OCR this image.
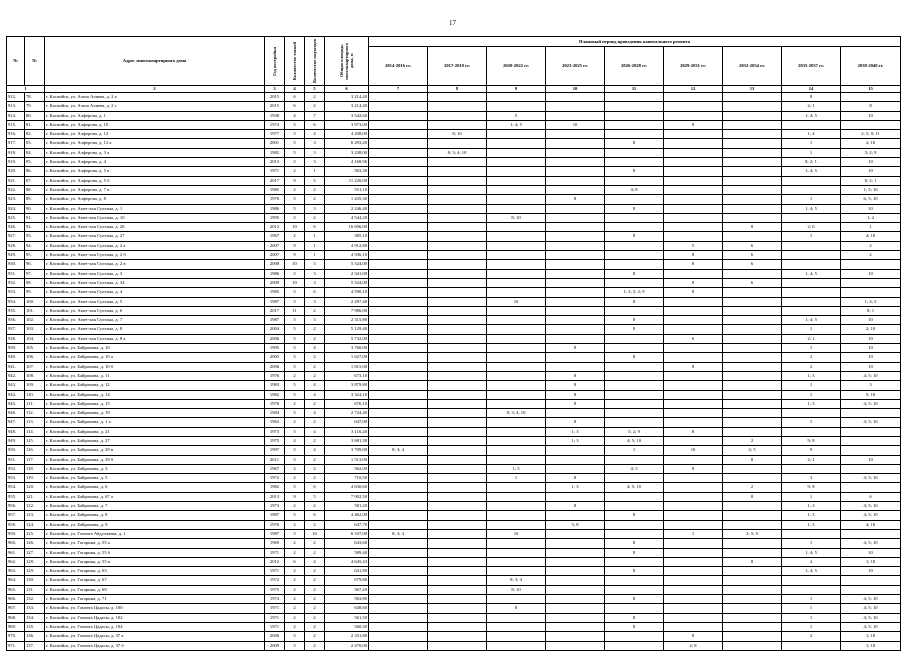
17
№	№	Адрес многоквартирного дома	Год постройки	Количество этажей	Количество подъездов	Общая площадь многоквартирного дома, м	Плановый период проведения капитального ремонта								
							2014-2016 гг.	2017-2019 гг.	2020-2022 гг.	2023-2025 гг.	2026-2028 гг.	2029-2031 гг.	2032-2034 гг.	2035-2037 гг.	2038-2040 гг.
1		2	3	4	5	6	7	8	9	10	11	12	13	14	15
912.	78.	г. Каспийск, ул. Азиза Алиева, д. 2 а	2015	6	2	3 214,40								8	
913.	79.	г. Каспийск, ул. Азиза Алиева, д. 2 г	2015	6	2	3 214,40								2; 1	8
914.	80.	г. Каспийск, ул. Алферова, д. 1	1938	4	7	3 542,60			5					1; 4; 5	10
915.	81.	г. Каспийск, ул. Алферова, д. 10	1974	5	6	3 973,00			1; 4; 5	10		8			
916.	82.	г. Каспийск, ул. Алферова, д. 12	1977	5	4	4 208,00		8; 10						1; 4	2; 5; 9; 11
917.	83.	г. Каспийск, ул. Алферова, д. 12 а	2001	5	3	6 293,20					8			1	2; 10
918.	84.	г. Каспийск, ул. Алферова, д. 3 а	1982	5	3	3 238,00		8; 3; 4; 10						1	5; 2; 9
919.	85.	г. Каспийск, ул. Алферова, д. 4	2013	5	3	4 168,96								8; 2; 1	10
920.	86.	г. Каспийск, ул. Алферова, д. 5 в	1971	2	1	563,30					8			1; 4; 5	10
921.	87.	г. Каспийск, ул. Алферова, д. 5 б	2017	9	5	11 220,00									8; 2; 1
922.	88.	г. Каспийск, ул. Алферова, д. 7 в	1985	2	2	551,10					4; 8				1; 5; 10
923.	89.	г. Каспийск, ул. Алферова, д. 8	1976	5	2	1 435,30				8				1	6; 5; 10
924.	90.	г. Каспийск, ул. Амет-хан Султана, д. 1	1986	5	3	2 246,40					8			1; 4; 5	10
925.	91.	г. Каспийск, ул. Амет-хан Султана, д. 10	1995	5	2	4 544,20			8; 10						1; 2
926.	92.	г. Каспийск, ул. Амет-хан Султана, д. 26	2012	10	6	16 696,00							8	2; 6	1
927.	93.	г. Каспийск, ул. Амет-хан Султана, д. 27	1967	2	1	385,10					8			1	4; 10
928.	94.	г. Каспийск, ул. Амет-хан Султана, д. 2 а	2007	9	1	4 912,80						5	6		2
929.	95.	г. Каспийск, ул. Амет-хан Султана, д. 2 б	2007	9	1	4 936,10						8	6		2
930.	96.	г. Каспийск, ул. Амет-хан Султана, д. 2 в	2008	10	3	5 524,00						8	6		
931.	97.	г. Каспийск, ул. Амет-хан Султана, д. 3	1986	5	3	2 341,00					8			1; 4; 5	10
932.	98.	г. Каспийск, ул. Амет-хан Султана, д. 34	2009	10	3	5 524,00						8	6		
933.	99.	г. Каспийск, ул. Амет-хан Султана, д. 4	1985	5	6	4 590,10					1; 3; 5; 2; 9	8			
934.	100.	г. Каспийск, ул. Амет-хан Султана, д. 5	1987	5	3	2 297,40			10		8				1; 4; 5
935.	101.	г. Каспийск, ул. Амет-хан Султана, д. 6	2017	11	2	7 986,00									8; 1
936.	102.	г. Каспийск, ул. Амет-хан Султана, д. 7	1987	5	3	2 315,80					8			1; 4; 5	10
937.	103.	г. Каспийск, ул. Амет-хан Султана, д. 8	2004	5	2	5 129,40					8			1	2; 10
938.	104.	г. Каспийск, ул. Амет-хан Султана, д. 8 а	2006	5	2	5 732,00						6		2; 1	10
939.	105.	г. Каспийск, ул. Байрамова, д. 10	1995	5	4	3 760,00				8				1	10
940.	106.	г. Каспийск, ул. Байрамова, д. 10 а	2005	5	2	1 627,00					8			2	10
941.	107.	г. Каспийск, ул. Байрамова, д. 10 б	2006	5	2	1 815,00						8		2	10
942.	108.	г. Каспийск, ул. Байрамова, д. 11	1976	2	2	673,10				8				1; 3	4; 5; 10
943.	109.	г. Каспийск, ул. Байрамова, д. 12	1983	5	4	3 879,80				8				1	3
944.	110.	г. Каспийск, ул. Байрамова, д. 14	1982	5	4	3 324,10				8				1	5; 10
945.	111.	г. Каспийск, ул. Байрамова, д. 15	1976	2	2	676,10				8				1; 3	4; 5; 10
946.	112.	г. Каспийск, ул. Байрамова, д. 19	1984	5	4	2 724,40			8; 3; 4; 10						
947.	113.	г. Каспийск, ул. Байрамова, д. 1 а	1963	2	2	647,00				8				1	4; 5; 10
948.	114.	г. Каспийск, ул. Байрамова, д. 21	1973	5	4	3 116,20				1; 3	5; 2; 9	8			
949.	115.	г. Каспийск, ул. Байрамова, д. 27	1975	4	2	3 681,30				1; 3	4; 5; 10		2	9; 8	
950.	116.	г. Каспийск, ул. Байрамова, д. 29 в	1997	5	4	3 709,00	8; 3; 4				1	10	2; 5	9	
951.	117.	г. Каспийск, ул. Байрамова, д. 29 б	2011	5	2	1 513,00							8	2; 1	10
952.	118.	г. Каспийск, ул. Байрамова, д. 3	1967	2	2	562,00			1; 3		4; 5	8			
953.	119.	г. Каспийск, ул. Байрамова, д. 5	1972	2	2	710,50			1	8				3	4; 5; 10
954.	120.	г. Каспийск, ул. Байрамова, д. 6	1982	5	6	4 630,60				1; 3	4; 5; 10		2	9; 8	
955.	121.	г. Каспийск, ул. Байрамова, д. 67 а	2013	9	5	7 902,50							8	1	6
956.	122.	г. Каспийск, ул. Байрамова, д. 7	1973	2	2	581,20				8				1; 3	4; 5; 10
957.	123.	г. Каспийск, ул. Байрамова, д. 8	1987	5	6	4 462,00					8			1; 3	4; 5; 10
958.	124.	г. Каспийск, ул. Байрамова, д. 9	1976	2	2	647,70				5; 8				1; 3	4; 10
959.	125.	г. Каспийск, ул. Гамзата Абдуллаева, д. 1	1987	5	10	6 337,00	8; 3; 4		10			1	2; 5; 9		
960.	126.	г. Каспийск, ул. Гагарина, д. 55 а	1969	2	2	643,60					8			1	4; 5; 10
961.	127.	г. Каспийск, ул. Гагарина, д. 55 б	1971	2	2	589,40					8			1; 4; 5	10
962.	128.	г. Каспийск, ул. Гагарина, д. 55 в	2012	6	4	4 645,43							8	2	1; 10
963.	129.	г. Каспийск, ул. Гагарина, д. 63	1971	2	2	641,80					8			1; 4; 5	10
964.	130.	г. Каспийск, ул. Гагарина, д. 67	1972	2	2	679,80			8; 3; 4						
965.	131.	г. Каспийск, ул. Гагарина, д. 69	1975	2	2	567,20			8; 10						
966.	132.	г. Каспийск, ул. Гагарина, д. 71	1974	2	2	563,80					8			1	4; 5; 10
967.	133.	г. Каспийск, ул. Гамзата Цадасы, д. 100	1971	2	2	648,60			8					1	4; 5; 10
968.	134.	г. Каспийск, ул. Гамзата Цадасы, д. 102	1971	2	2	561,50					8			1	4; 5; 10
969.	135.	г. Каспийск, ул. Гамзата Цадасы, д. 104	1971	2	2	560,30					8			1	4; 5; 10
970.	136.	г. Каспийск, ул. Гамзата Цадасы, д. 37 а	2006	5	2	2 331,80						8		2	1; 10
971.	137.	г. Каспийск, ул. Гамзата Цадасы, д. 37 б	2009	5	2	2 470,00						2; 8			1; 10
